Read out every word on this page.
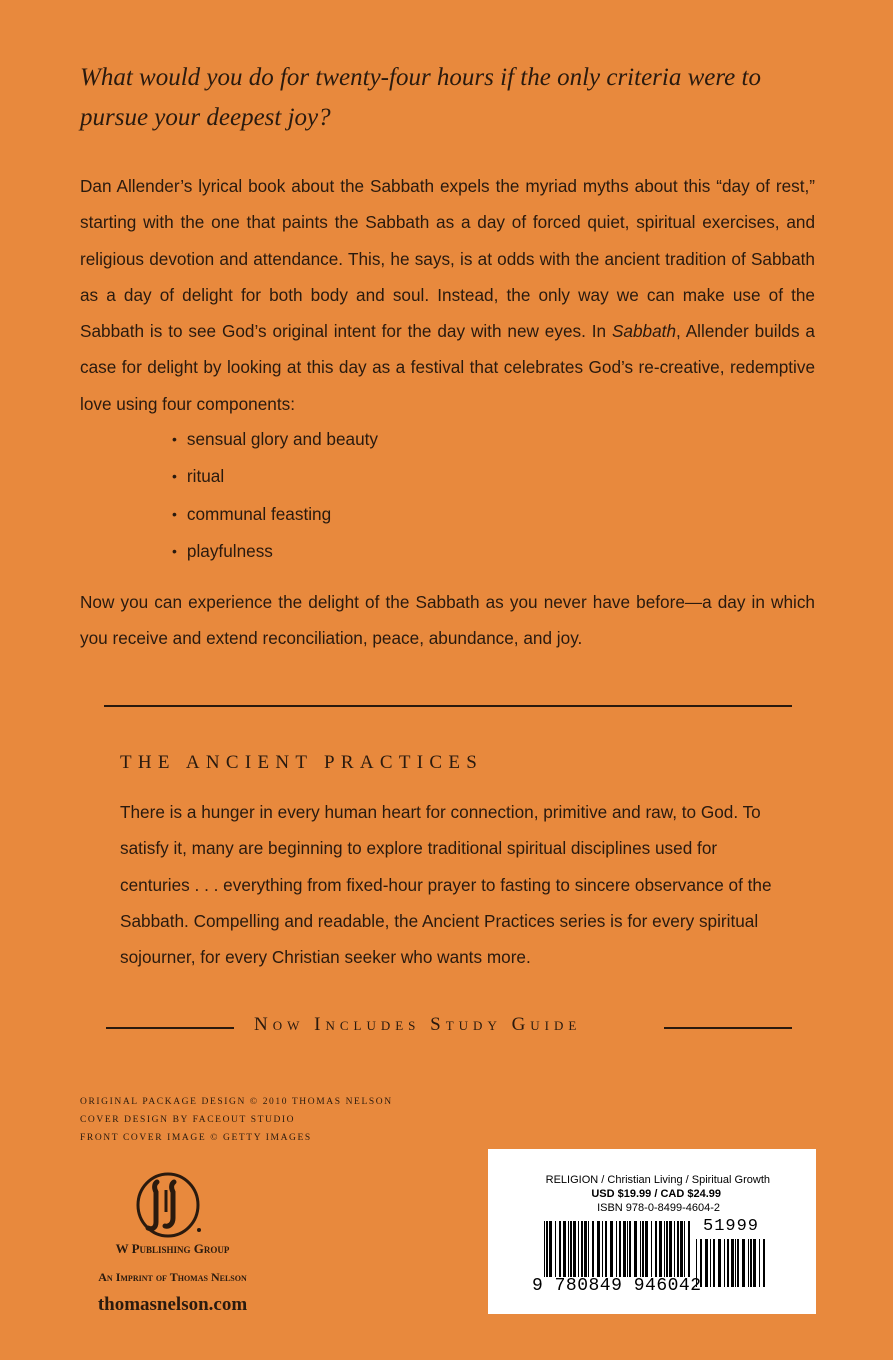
What would you do for twenty-four hours if the only criteria were to pursue your deepest joy?
Dan Allender’s lyrical book about the Sabbath expels the myriad myths about this “day of rest,” starting with the one that paints the Sabbath as a day of forced quiet, spiritual exercises, and religious devotion and attendance. This, he says, is at odds with the ancient tradition of Sabbath as a day of delight for both body and soul. Instead, the only way we can make use of the Sabbath is to see God’s original intent for the day with new eyes. In Sabbath, Allender builds a case for delight by looking at this day as a festival that celebrates God’s re-creative, redemptive love using four components:
• sensual glory and beauty
• ritual
• communal feasting
• playfulness
Now you can experience the delight of the Sabbath as you never have before—a day in which you receive and extend reconciliation, peace, abundance, and joy.
THE ANCIENT PRACTICES
There is a hunger in every human heart for connection, primitive and raw, to God. To satisfy it, many are beginning to explore traditional spiritual disciplines used for centuries . . . everything from fixed-hour prayer to fasting to sincere observance of the Sabbath. Compelling and readable, the Ancient Practices series is for every spiritual sojourner, for every Christian seeker who wants more.
Now Includes Study Guide
ORIGINAL PACKAGE DESIGN © 2010 THOMAS NELSON
COVER DESIGN BY FACEOUT STUDIO
FRONT COVER IMAGE © GETTY IMAGES
W Publishing Group
An Imprint of Thomas Nelson
thomasnelson.com
RELIGION / Christian Living / Spiritual Growth
USD $19.99 / CAD $24.99
ISBN 978-0-8499-4604-2
51999
9 780849 946042
